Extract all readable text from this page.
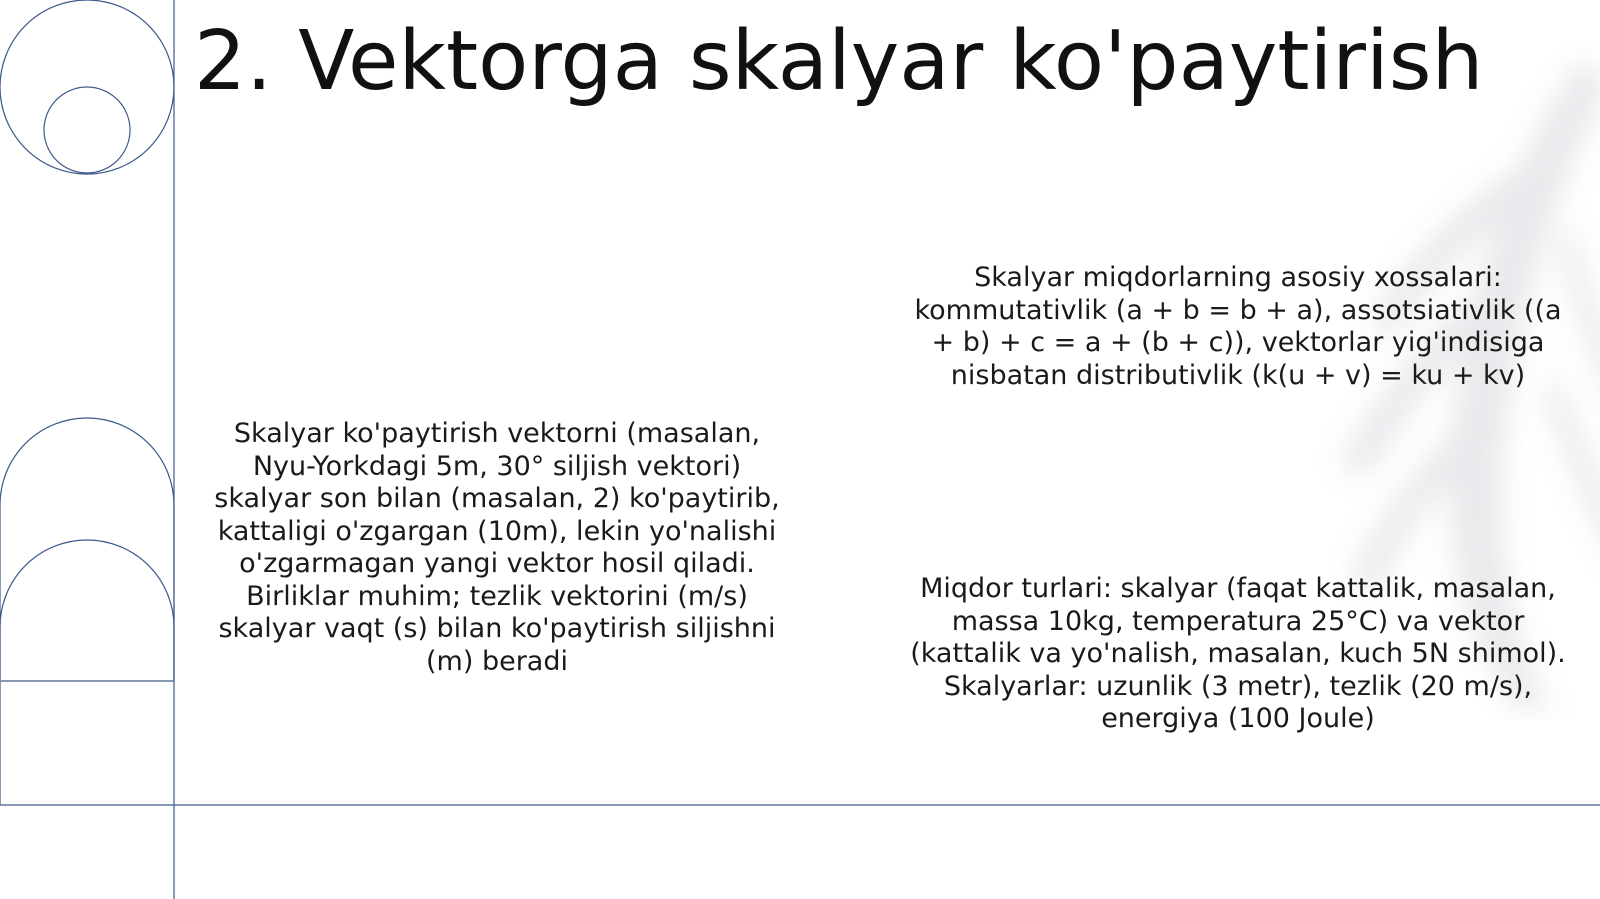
2. Vektorga skalyar ko'paytirish

Skalyar ko'paytirish vektorni (masalan, Nyu-Yorkdagi 5m, 30° siljish vektori) skalyar son bilan (masalan, 2) ko'paytirib, kattaligi o'zgargan (10m), lekin yo'nalishi o'zgarmagan yangi vektor hosil qiladi. Birliklar muhim; tezlik vektorini (m/s) skalyar vaqt (s) bilan ko'paytirish siljishni (m) beradi

Skalyar miqdorlarning asosiy xossalari: kommutativlik (a + b = b + a), assotsiativlik ((a + b) + c = a + (b + c)), vektorlar yig'indisiga nisbatan distributivlik (k(u + v) = ku + kv)

Miqdor turlari: skalyar (faqat kattalik, masalan, massa 10kg, temperatura 25°C) va vektor (kattalik va yo'nalish, masalan, kuch 5N shimol). Skalyarlar: uzunlik (3 metr), tezlik (20 m/s), energiya (100 Joule)
